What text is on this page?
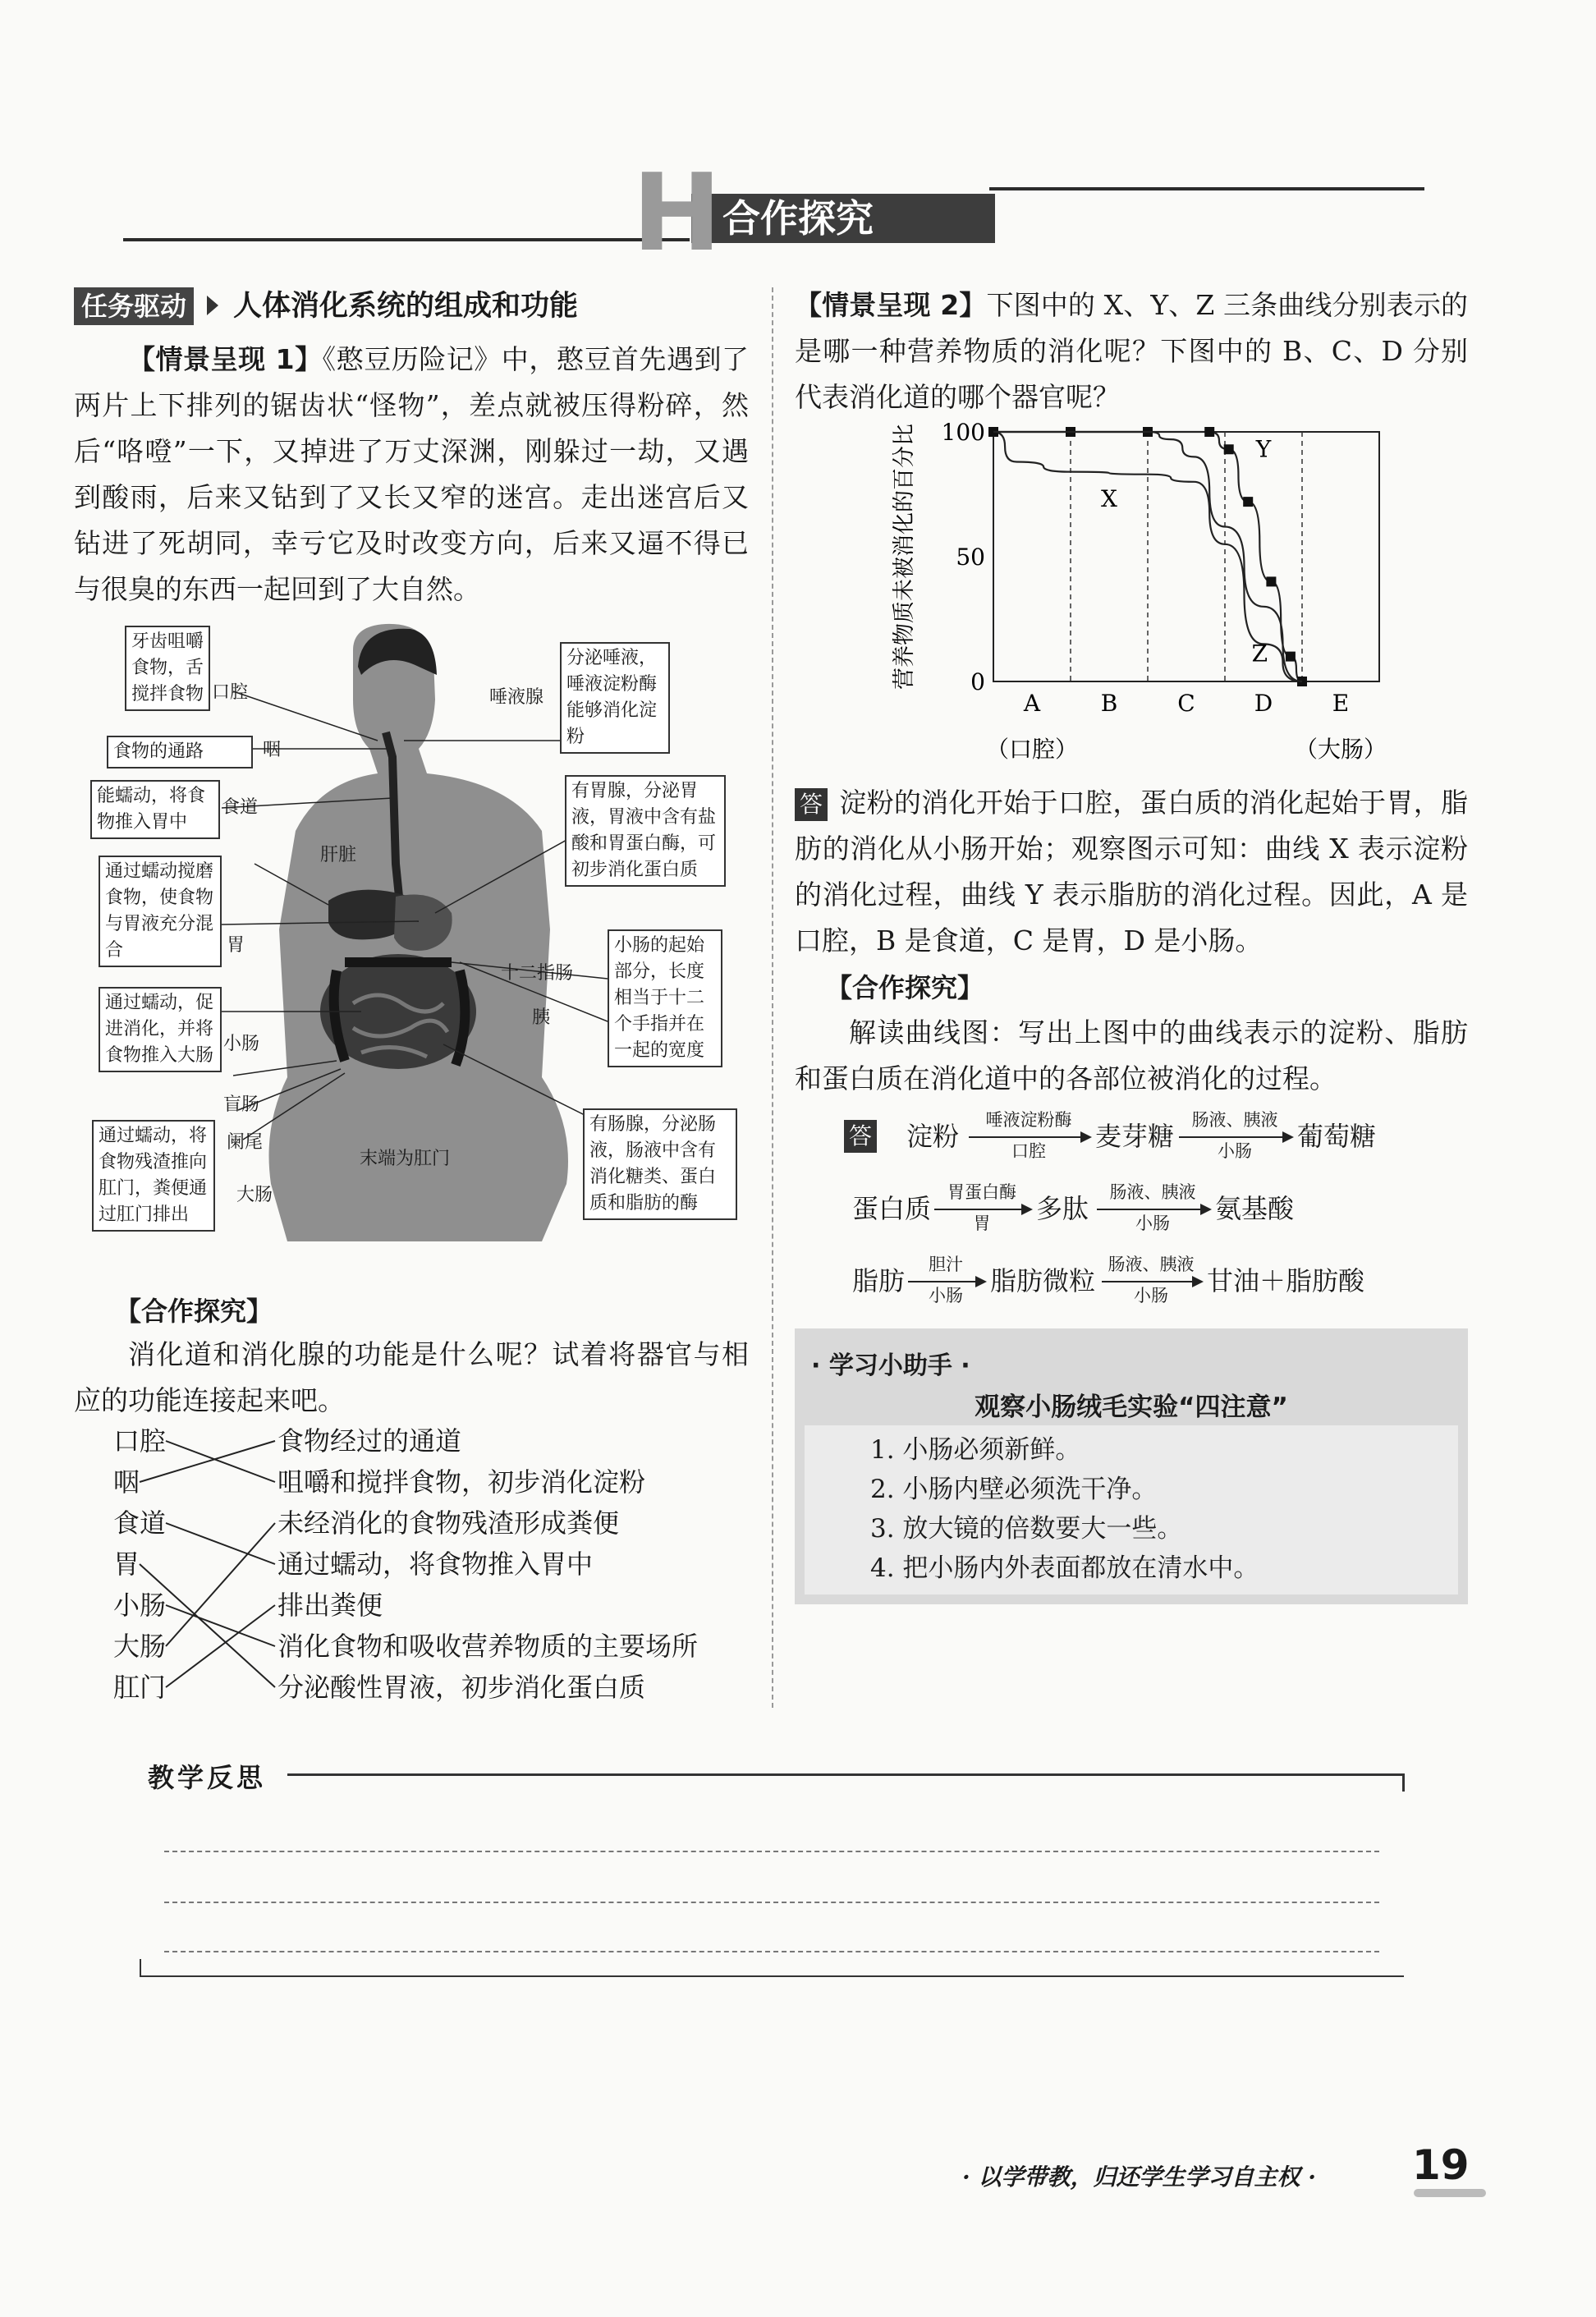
H 合作探究
任务驱动 人体消化系统的组成和功能
【情景呈现 1】《憨豆历险记》中，憨豆首先遇到了两片上下排列的锯齿状“怪物”，差点就被压得粉碎，然后“咯噔”一下，又掉进了万丈深渊，刚躲过一劫，又遇到酸雨，后来又钻到了又长又窄的迷宫。走出迷宫后又钻进了死胡同，幸亏它及时改变方向，后来又逼不得已与很臭的东西一起回到了大自然。
牙齿咀嚼食物，舌搅拌食物 口腔
食物的通路	咽
能蠕动，将食物推入胃中
食道
通过蠕动搅磨食物，使食物与胃液充分混合	胃
通过蠕动，促进消化，并将食物推入大肠
小肠
盲肠
阑尾
通过蠕动，将食物残渣推向肛门，粪便通过肛门排出
大肠
肝脏
唾液腺
分泌唾液，唾液淀粉酶能够消化淀粉
有胃腺，分泌胃液，胃液中含有盐酸和胃蛋白酶，可初步消化蛋白质
十二指肠
胰
小肠的起始部分，长度相当于十二个手指并在一起的宽度
有肠腺，分泌肠液，肠液中含有消化糖类、蛋白质和脂肪的酶
末端为肛门
【合作探究】
消化道和消化腺的功能是什么呢？试着将器官与相应的功能连接起来吧。
口腔
咽
食道
胃
小肠
大肠
肛门
食物经过的通道
咀嚼和搅拌食物，初步消化淀粉
未经消化的食物残渣形成粪便
通过蠕动，将食物推入胃中
排出粪便
消化食物和吸收营养物质的主要场所
分泌酸性胃液，初步消化蛋白质
【情景呈现 2】下图中的 X、Y、Z 三条曲线分别表示的是哪一种营养物质的消化呢？下图中的 B、C、D 分别代表消化道的哪个器官呢？
A	B	C	D	E
0
50
100
营养物质未被消化的百分比
（口腔）	（大肠）
X
Y
Z
答 淀粉的消化开始于口腔，蛋白质的消化起始于胃，脂肪的消化从小肠开始；观察图示可知：曲线 X 表示淀粉的消化过程，曲线 Y 表示脂肪的消化过程。因此，A 是口腔，B 是食道，C 是胃，D 是小肠。
【合作探究】
解读曲线图：写出上图中的曲线表示的淀粉、脂肪和蛋白质在消化道中的各部位被消化的过程。
答 淀粉
唾液淀粉酶
口腔	麦芽糖
肠液、胰液
小肠	葡萄糖
蛋白质
胃蛋白酶
胃	多肽
肠液、胰液
小肠	氨基酸
脂肪
胆汁
小肠	脂肪微粒
肠液、胰液
小肠	甘油＋脂肪酸
· 学习小助手 ·
观察小肠绒毛实验“四注意”
1. 小肠必须新鲜。
2. 小肠内壁必须洗干净。
3. 放大镜的倍数要大一些。
4. 把小肠内外表面都放在清水中。
教学反思
· 以学带教，归还学生学习自主权 · 19
